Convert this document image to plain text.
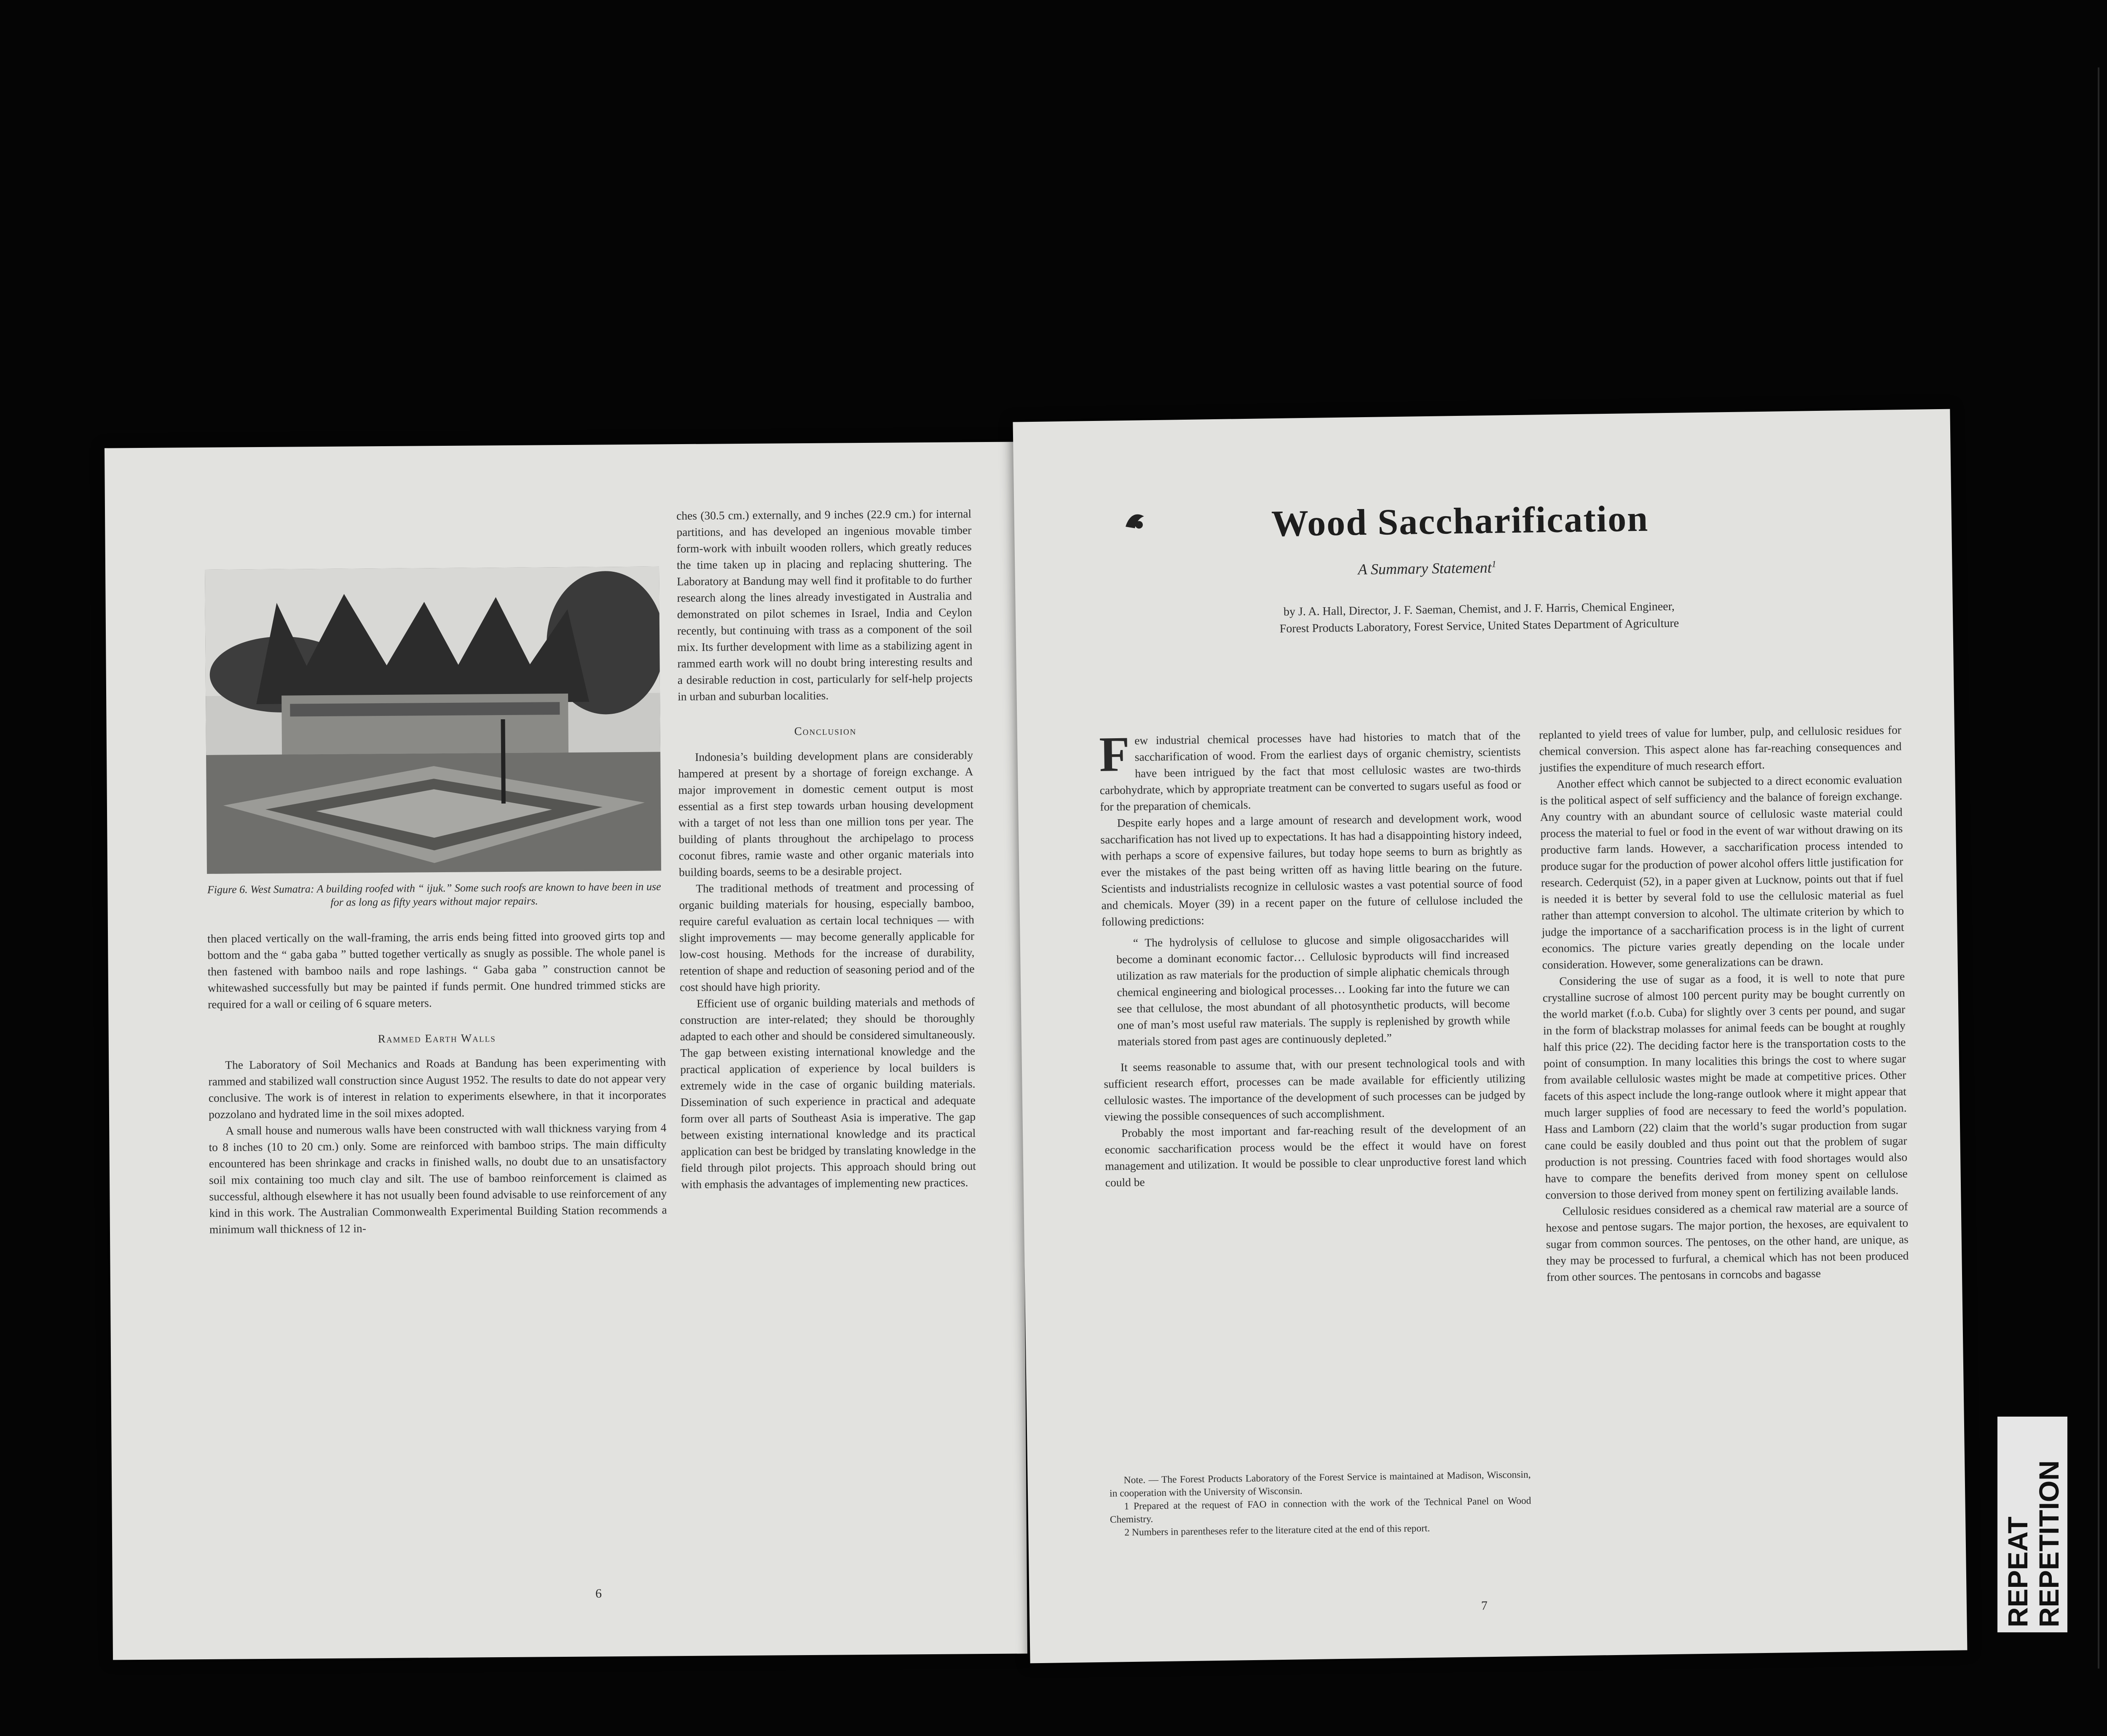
Figure 6. West Sumatra: A building roofed with “ ijuk.” Some such roofs are known to have been in use for as long as fifty years without major repairs.

then placed vertically on the wall-framing, the arris ends being fitted into grooved girts top and bottom and the “ gaba gaba ” butted together vertically as snugly as possible. The whole panel is then fastened with bamboo nails and rope lashings. “ Gaba gaba ” construction cannot be whitewashed successfully but may be painted if funds permit. One hundred trimmed sticks are required for a wall or ceiling of 6 square meters.

Rammed Earth Walls

The Laboratory of Soil Mechanics and Roads at Bandung has been experimenting with rammed and stabilized wall construction since August 1952. The results to date do not appear very conclusive. The work is of interest in relation to experiments elsewhere, in that it incorporates pozzolano and hydrated lime in the soil mixes adopted.

A small house and numerous walls have been constructed with wall thickness varying from 4 to 8 inches (10 to 20 cm.) only. Some are reinforced with bamboo strips. The main difficulty encountered has been shrinkage and cracks in finished walls, no doubt due to an unsatisfactory soil mix containing too much clay and silt. The use of bamboo reinforcement is claimed as successful, although elsewhere it has not usually been found advisable to use reinforcement of any kind in this work. The Australian Commonwealth Experimental Building Station recommends a minimum wall thickness of 12 in-

ches (30.5 cm.) externally, and 9 inches (22.9 cm.) for internal partitions, and has developed an ingenious movable timber form-work with inbuilt wooden rollers, which greatly reduces the time taken up in placing and replacing shuttering. The Laboratory at Bandung may well find it profitable to do further research along the lines already investigated in Australia and demonstrated on pilot schemes in Israel, India and Ceylon recently, but continuing with trass as a component of the soil mix. Its further development with lime as a stabilizing agent in rammed earth work will no doubt bring interesting results and a desirable reduction in cost, particularly for self-help projects in urban and suburban localities.

Conclusion

Indonesia’s building development plans are considerably hampered at present by a shortage of foreign exchange. A major improvement in domestic cement output is most essential as a first step towards urban housing development with a target of not less than one million tons per year. The building of plants throughout the archipelago to process coconut fibres, ramie waste and other organic materials into building boards, seems to be a desirable project.

The traditional methods of treatment and processing of organic building materials for housing, especially bamboo, require careful evaluation as certain local techniques — with slight improvements — may become generally applicable for low-cost housing. Methods for the increase of durability, retention of shape and reduction of seasoning period and of the cost should have high priority.

Efficient use of organic building materials and methods of construction are inter-related; they should be thoroughly adapted to each other and should be considered simultaneously. The gap between existing international knowledge and the practical application of experience by local builders is extremely wide in the case of organic building materials. Dissemination of such experience in practical and adequate form over all parts of Southeast Asia is imperative. The gap between existing international knowledge and its practical application can best be bridged by translating knowledge in the field through pilot projects. This approach should bring out with emphasis the advantages of implementing new practices.

6
Wood Saccharification
A Summary Statement$^1$
by J. A. Hall, Director, J. F. Saeman, Chemist, and J. F. Harris, Chemical Engineer,
Forest Products Laboratory, Forest Service, United States Department of Agriculture

Few industrial chemical processes have had histories to match that of the saccharification of wood. From the earliest days of organic chemistry, scientists have been intrigued by the fact that most cellulosic wastes are two-thirds carbohydrate, which by appropriate treatment can be converted to sugars useful as food or for the preparation of chemicals.

Despite early hopes and a large amount of research and development work, wood saccharification has not lived up to expectations. It has had a disappointing history indeed, with perhaps a score of expensive failures, but today hope seems to burn as brightly as ever the mistakes of the past being written off as having little bearing on the future. Scientists and industrialists recognize in cellulosic wastes a vast potential source of food and chemicals. Moyer (39) in a recent paper on the future of cellulose included the following predictions:

“ The hydrolysis of cellulose to glucose and simple oligosaccharides will become a dominant economic factor… Cellulosic byproducts will find increased utilization as raw materials for the production of simple aliphatic chemicals through chemical engineering and biological processes… Looking far into the future we can see that cellulose, the most abundant of all photosynthetic products, will become one of man’s most useful raw materials. The supply is replenished by growth while materials stored from past ages are continuously depleted.”

It seems reasonable to assume that, with our present technological tools and with sufficient research effort, processes can be made available for efficiently utilizing cellulosic wastes. The importance of the development of such processes can be judged by viewing the possible consequences of such accomplishment.

Probably the most important and far-reaching result of the development of an economic saccharification process would be the effect it would have on forest management and utilization. It would be possible to clear unproductive forest land which could be

Note. — The Forest Products Laboratory of the Forest Service is maintained at Madison, Wisconsin, in cooperation with the University of Wisconsin.

1 Prepared at the request of FAO in connection with the work of the Technical Panel on Wood Chemistry.

2 Numbers in parentheses refer to the literature cited at the end of this report.

replanted to yield trees of value for lumber, pulp, and cellulosic residues for chemical conversion. This aspect alone has far-reaching consequences and justifies the expenditure of much research effort.

Another effect which cannot be subjected to a direct economic evaluation is the political aspect of self sufficiency and the balance of foreign exchange. Any country with an abundant source of cellulosic waste material could process the material to fuel or food in the event of war without drawing on its productive farm lands. However, a saccharification process intended to produce sugar for the production of power alcohol offers little justification for research. Cederquist (52), in a paper given at Lucknow, points out that if fuel is needed it is better by several fold to use the cellulosic material as fuel rather than attempt conversion to alcohol. The ultimate criterion by which to judge the importance of a saccharification process is in the light of current economics. The picture varies greatly depending on the locale under consideration. However, some generalizations can be drawn.

Considering the use of sugar as a food, it is well to note that pure crystalline sucrose of almost 100 percent purity may be bought currently on the world market (f.o.b. Cuba) for slightly over 3 cents per pound, and sugar in the form of blackstrap molasses for animal feeds can be bought at roughly half this price (22). The deciding factor here is the transportation costs to the point of consumption. In many localities this brings the cost to where sugar from available cellulosic wastes might be made at competitive prices. Other facets of this aspect include the long-range outlook where it might appear that much larger supplies of food are necessary to feed the world’s population. Hass and Lamborn (22) claim that the world’s sugar production from sugar cane could be easily doubled and thus point out that the problem of sugar production is not pressing. Countries faced with food shortages would also have to compare the benefits derived from money spent on cellulose conversion to those derived from money spent on fertilizing available lands.

Cellulosic residues considered as a chemical raw material are a source of hexose and pentose sugars. The major portion, the hexoses, are equivalent to sugar from common sources. The pentoses, on the other hand, are unique, as they may be processed to furfural, a chemical which has not been produced from other sources. The pentosans in corncobs and bagasse

7	REPEAT REPETITION
